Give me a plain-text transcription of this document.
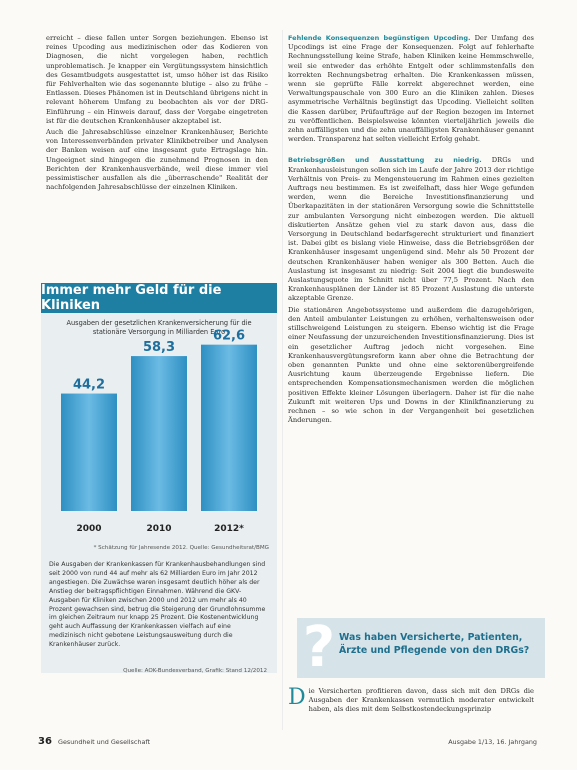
erreicht – diese fallen unter Sorgen beziehungen. Ebenso ist reines Upcoding aus medizinischen oder das Kodieren von Diagnosen, die nicht vorgelegen haben, rechtlich unproblematisch. Je knapper ein Vergütungssystem hinsichtlich des Gesamtbudgets ausgestattet ist, umso höher ist das Risiko für Fehlverhalten wie das sogenannte blutige – also zu frühe – Entlassen. Dieses Phänomen ist in Deutschland übrigens nicht in relevant höherem Umfang zu beobachten als vor der DRG-Einführung – ein Hinweis darauf, dass der Vorgabe eingetreten ist für die deutschen Krankenhäuser akzeptabel ist.

Auch die Jahresabschlüsse einzelner Krankenhäuser, Berichte von Interessenverbänden privater Klinikbetreiber und Analysen der Banken weisen auf eine insgesamt gute Ertragslage hin. Ungeeignet sind hingegen die zunehmend Prognosen in den Berichten der Krankenhausverbände, weil diese immer viel pessimistischer ausfallen als die „überraschende" Realität der nachfolgenden Jahresabschlüsse der einzelnen Kliniken.

Immer mehr Geld für die Kliniken
Ausgaben der gesetzlichen Krankenversicherung für die stationäre Versorgung in Milliarden Euro
44,2
2000
58,3
2010
62,6
2012*
* Schätzung für Jahresende 2012. Quelle: Gesundheitsrat/BMG
Die Ausgaben der Krankenkassen für Krankenhausbehandlungen sind seit 2000 von rund 44 auf mehr als 62 Milliarden Euro im Jahr 2012 angestiegen. Die Zuwächse waren insgesamt deutlich höher als der Anstieg der beitragspflichtigen Einnahmen. Während die GKV-Ausgaben für Kliniken zwischen 2000 und 2012 um mehr als 40 Prozent gewachsen sind, betrug die Steigerung der Grundlohnsumme im gleichen Zeitraum nur knapp 25 Prozent. Die Kostenentwicklung geht auch Auffassung der Krankenkassen vielfach auf eine medizinisch nicht gebotene Leistungsausweitung durch die Krankenhäuser zurück.
Quelle: AOK-Bundesverband, Grafik: Stand 12/2012

Fehlende Konsequenzen begünstigen Upcoding. Der Umfang des Upcodings ist eine Frage der Konsequenzen. Folgt auf fehlerhafte Rechnungsstellung keine Strafe, haben Kliniken keine Hemmschwelle, weil sie entweder das erhöhte Entgelt oder schlimmstenfalls den korrekten Rechnungsbetrag erhalten. Die Krankenkassen müssen, wenn sie geprüfte Fälle korrekt abgerechnet werden, eine Verwaltungspauschale von 300 Euro an die Kliniken zahlen. Dieses asymmetrische Verhältnis begünstigt das Upcoding. Vielleicht sollten die Kassen darüber, Prüfaufträge auf der Region bezogen im Internet zu veröffentlichen. Beispielsweise könnten vierteljährlich jeweils die zehn auffälligsten und die zehn unauffälligsten Krankenhäuser genannt werden. Transparenz hat selten vielleicht Erfolg gehabt.

Betriebsgrößen und Ausstattung zu niedrig. DRGs und Krankenhausleistungen sollen sich im Laufe der Jahre 2013 der richtige Verhältnis von Preis- zu Mengensteuerung im Rahmen eines gezielten Auftrags neu bestimmen. Es ist zweifelhaft, dass hier Wege gefunden werden, wenn die Bereiche Investitionsfinanzierung und Überkapazitäten in der stationären Versorgung sowie die Schnittstelle zur ambulanten Versorgung nicht einbezogen werden. Die aktuell diskutierten Ansätze gehen viel zu stark davon aus, dass die Versorgung in Deutschland bedarfsgerecht strukturiert und finanziert ist. Dabei gibt es bislang viele Hinweise, dass die Betriebsgrößen der Krankenhäuser insgesamt ungenügend sind. Mehr als 50 Prozent der deutschen Krankenhäuser haben weniger als 300 Betten. Auch die Auslastung ist insgesamt zu niedrig: Seit 2004 liegt die bundesweite Auslastungsquote im Schnitt nicht über 77,5 Prozent. Nach den Krankenhausplänen der Länder ist 85 Prozent Auslastung die unterste akzeptable Grenze.

Die stationären Angebotssysteme und außerdem die dazugehörigen, den Anteil ambulanter Leistungen zu erhöhen, verhaltensweisen oder stillschweigend Leistungen zu steigern. Ebenso wichtig ist die Frage einer Neufassung der unzureichenden Investitionsfinanzierung. Dies ist ein gesetzlicher Auftrag jedoch nicht vorgesehen. Eine Krankenhausvergütungsreform kann aber ohne die Betrachtung der oben genannten Punkte und ohne eine sektorenübergreifende Ausrichtung kaum überzeugende Ergebnisse liefern. Die entsprechenden Kompensationsmechanismen werden die möglichen positiven Effekte kleiner Lösungen überlagern. Daher ist für die nahe Zukunft mit weiteren Ups und Downs in der Klinikfinanzierung zu rechnen – so wie schon in der Vergangenheit bei gesetzlichen Änderungen.

? Was haben Versicherte, Patienten, Ärzte und Pflegende von den DRGs?
D ie Versicherten profitieren davon, dass sich mit den DRGs die Ausgaben der Krankenkassen vermutlich moderater entwickelt haben, als dies mit dem Selbstkostendeckungsprinzip
36 Gesundheit und Gesellschaft	Ausgabe 1/13, 16. Jahrgang
